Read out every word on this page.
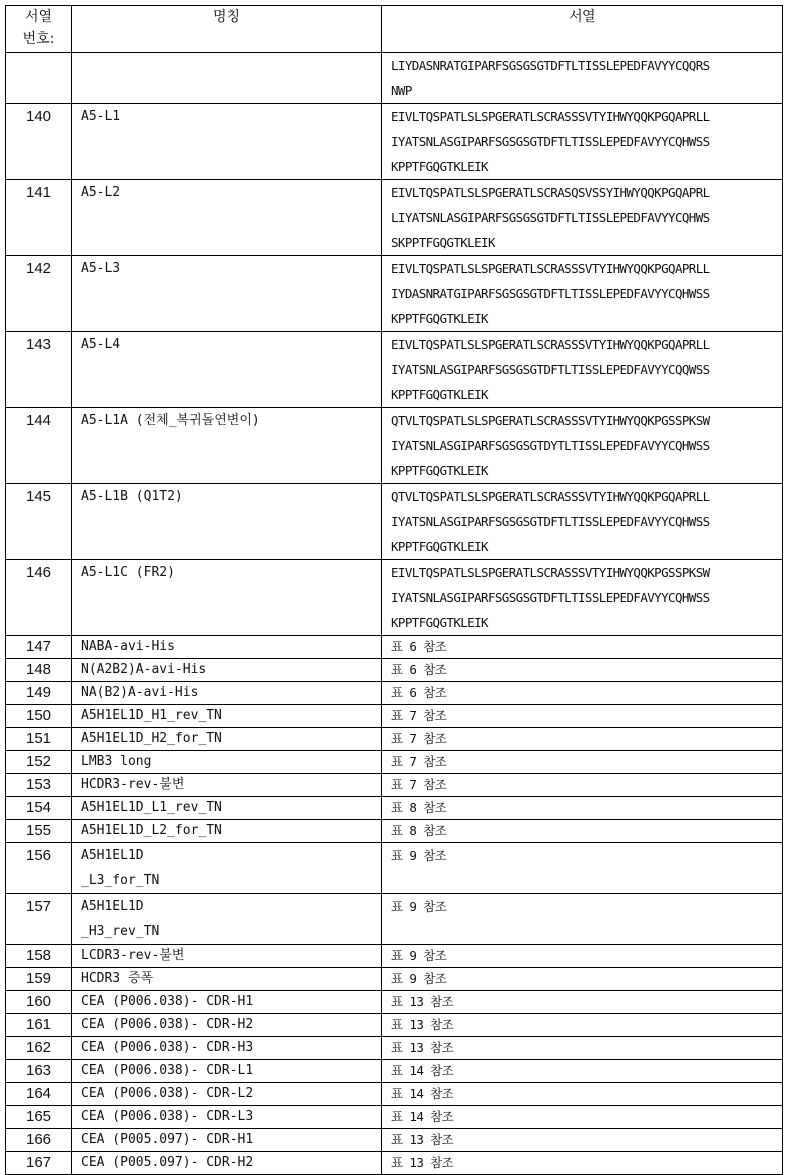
서열
번호:	명칭	서열

		LIYDASNRATGIPARFSGSGSGTDFTLTISSLEPEDFAVYYCQQRS
NWP

140	A5-L1	EIVLTQSPATLSLSPGERATLSCRASSSVTYIHWYQQKPGQAPRLL
IYATSNLASGIPARFSGSGSGTDFTLTISSLEPEDFAVYYCQHWSS
KPPTFGQGTKLEIK

141	A5-L2	EIVLTQSPATLSLSPGERATLSCRASQSVSSYIHWYQQKPGQAPRL
LIYATSNLASGIPARFSGSGSGTDFTLTISSLEPEDFAVYYCQHWS
SKPPTFGQGTKLEIK

142	A5-L3	EIVLTQSPATLSLSPGERATLSCRASSSVTYIHWYQQKPGQAPRLL
IYDASNRATGIPARFSGSGSGTDFTLTISSLEPEDFAVYYCQHWSS
KPPTFGQGTKLEIK

143	A5-L4	EIVLTQSPATLSLSPGERATLSCRASSSVTYIHWYQQKPGQAPRLL
IYATSNLASGIPARFSGSGSGTDFTLTISSLEPEDFAVYYCQQWSS
KPPTFGQGTKLEIK

144	A5-L1A (전체_복귀돌연변이)	QTVLTQSPATLSLSPGERATLSCRASSSVTYIHWYQQKPGSSPKSW
IYATSNLASGIPARFSGSGSGTDYTLTISSLEPEDFAVYYCQHWSS
KPPTFGQGTKLEIK

145	A5-L1B (Q1T2)	QTVLTQSPATLSLSPGERATLSCRASSSVTYIHWYQQKPGQAPRLL
IYATSNLASGIPARFSGSGSGTDFTLTISSLEPEDFAVYYCQHWSS
KPPTFGQGTKLEIK

146	A5-L1C (FR2)	EIVLTQSPATLSLSPGERATLSCRASSSVTYIHWYQQKPGSSPKSW
IYATSNLASGIPARFSGSGSGTDFTLTISSLEPEDFAVYYCQHWSS
KPPTFGQGTKLEIK

147	NABA-avi-His	표 6 참조

148	N(A2B2)A-avi-His	표 6 참조

149	NA(B2)A-avi-His	표 6 참조

150	A5H1EL1D_H1_rev_TN	표 7 참조

151	A5H1EL1D_H2_for_TN	표 7 참조

152	LMB3 long	표 7 참조

153	HCDR3-rev-불변	표 7 참조

154	A5H1EL1D_L1_rev_TN	표 8 참조

155	A5H1EL1D_L2_for_TN	표 8 참조

156	A5H1EL1D
_L3_for_TN	표 9 참조

157	A5H1EL1D
_H3_rev_TN	표 9 참조

158	LCDR3-rev-불변	표 9 참조

159	HCDR3 증폭	표 9 참조

160	CEA (P006.038)- CDR-H1	표 13 참조

161	CEA (P006.038)- CDR-H2	표 13 참조

162	CEA (P006.038)- CDR-H3	표 13 참조

163	CEA (P006.038)- CDR-L1	표 14 참조

164	CEA (P006.038)- CDR-L2	표 14 참조

165	CEA (P006.038)- CDR-L3	표 14 참조

166	CEA (P005.097)- CDR-H1	표 13 참조

167	CEA (P005.097)- CDR-H2	표 13 참조
